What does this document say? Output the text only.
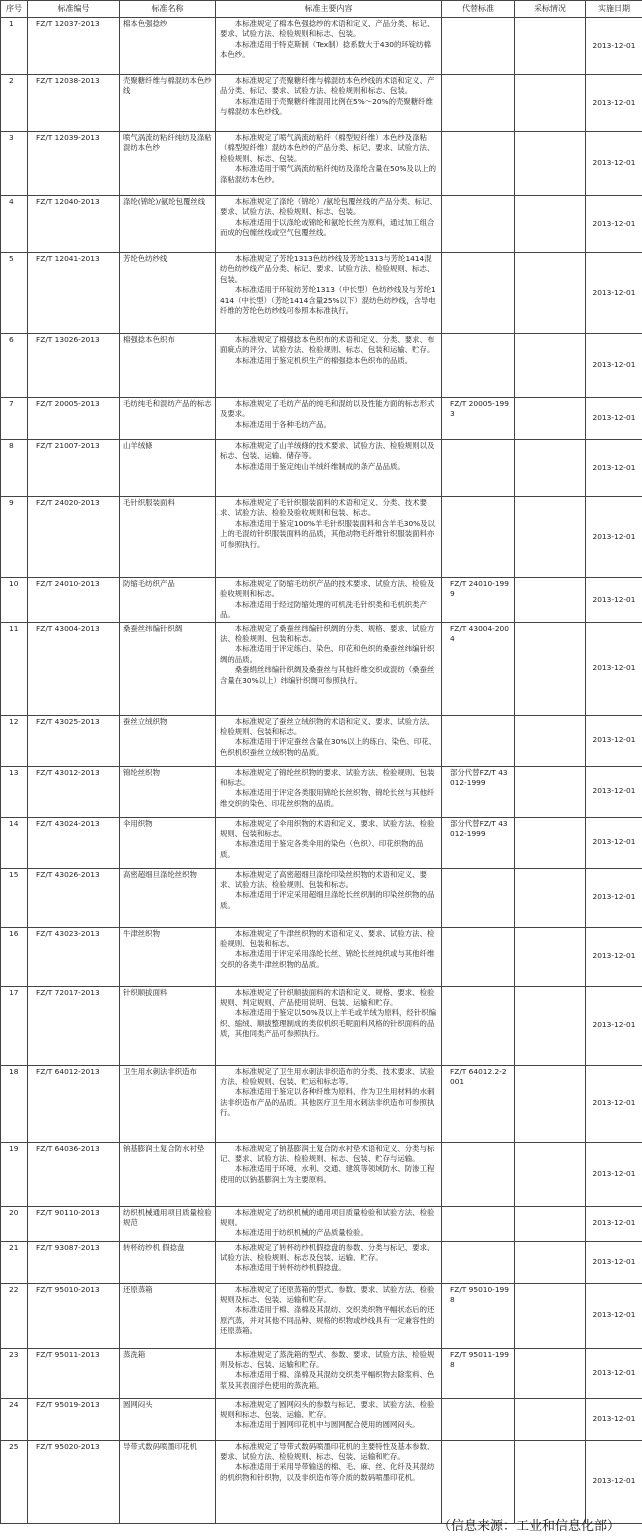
序号	标准编号	标准名称	标准主要内容	代替标准	采标情况	实施日期
1	FZ/T 12037-2013	棉本色强捻纱	本标准规定了棉本色强捻纱的术语和定义、产品分类、标记、要求、试验方法、检验规则和标志、包装。

本标准适用于特克斯制（Tex制）捻系数大于430的环锭纺棉本色纱。			2013-12-01
2	FZ/T 12038-2013	壳聚糖纤维与棉混纺本色纱线	本标准规定了壳聚糖纤维与棉混纺本色纱线的术语和定义、产品分类、标记、要求、试验方法、检验规则和标志、包装。

本标准适用于壳聚糖纤维混用比例在5%～20%的壳聚糖纤维与棉混纺本色纱线。			2013-12-01
3	FZ/T 12039-2013	喷气涡流纺粘纤纯纺及涤粘混纺本色纱	本标准规定了喷气涡流纺粘纤（棉型短纤维）本色纱及涤粘（棉型短纤维）混纺本色纱的产品分类、标记、要求、试验方法、检验规则、标志、包装。

本标准适用于喷气涡流纺粘纤纯纺及涤纶含量在50%及以上的涤粘混纺本色纱。			2013-12-01
4	FZ/T 12040-2013	涤纶(锦纶)/氨纶包覆丝线	本标准规定了涤纶（锦纶）/氨纶包覆丝线的产品分类、标记、要求、试验方法、检验规则、标志、包装。

本标准适用于以涤纶或锦纶和氨纶长丝为原料，通过加工组合而成的包缠丝线或空气包覆丝线。			2013-12-01
5	FZ/T 12041-2013	芳纶色纺纱线	本标准规定了芳纶1313色纺纱线及芳纶1313与芳纶1414混纺色纺纱线产品分类、标记、要求、试验方法、检验规则、标志、包装。

本标准适用于环锭纺芳纶1313（中长型）色纺纱线及与芳纶1414（中长型）（芳纶1414含量25%以下）混纺色纺纱线，含导电纤维的芳纶色纺纱线可参照本标准执行。			2013-12-01
6	FZ/T 13026-2013	棉强捻本色织布	本标准规定了棉强捻本色织布的术语和定义、分类、要求、布面疵点的评分、试验方法、检验规则、标志、包装和运输、贮存。

本标准适用于鉴定机织生产的棉强捻本色织布的品质。			2013-12-01
7	FZ/T 20005-2013	毛纺纯毛和混纺产品的标志	本标准规定了毛纺产品的纯毛和混纺以及性能方面的标志形式及要求。

本标准适用于各种毛纺产品。	FZ/T 20005-1993		2013-12-01
8	FZ/T 21007-2013	山羊绒條	本标准规定了山羊绒條的技术要求、试验方法、检验规则以及标志、包装、运输、储存等。

本标准适用于鉴定纯山羊绒纤维制成的条产品品质。			2013-12-01
9	FZ/T 24020-2013	毛针织服装面料	本标准规定了毛针织服装面料的术语和定义、分类、技术要求、试验方法、检验及验收规则和包装、标志。

本标准适用于鉴定100%羊毛针织服装面料和含羊毛30%及以上的毛混纺针织服装面料的品质，其他动物毛纤维针织服装面料亦可参照执行。			2013-12-01
10	FZ/T 24010-2013	防缩毛纺织产品	本标准规定了防缩毛纺织产品的技术要求、试验方法、检验及验收规则和标志。

本标准适用于经过防缩处理的可机洗毛针织类和毛机织类产品。	FZ/T 24010-1999		2013-12-01
11	FZ/T 43004-2013	桑蚕丝纬编针织绸	本标准规定了桑蚕丝纬编针织绸的分类、规格、要求、试验方法、检验规则、包装和标志。

本标准适用于评定练白、染色、印花和色织的桑蚕丝纬编针织绸的品质。

桑蚕绢丝纬编针织绸及桑蚕丝与其他纤维交织或混纺（桑蚕丝含量在30%以上）纬编针织绸可参照执行。	FZ/T 43004-2004		2013-12-01
12	FZ/T 43025-2013	蚕丝立绒织物	本标准规定了蚕丝立绒织物的术语和定义、要求、试验方法、检验规则、包装和标志。

本标准适用于评定蚕丝含量在30%以上的练白、染色、印花、色织机织蚕丝立绒织物的品质。			2013-12-01
13	FZ/T 43012-2013	锦纶丝织物	本标准规定了锦纶丝织物的要求、试验方法、检验规则、包装和标志。

本标准适用于评定各类服用锦纶长丝织物、锦纶长丝与其他纤维交织的染色、印花丝织物的品质。	部分代替FZ/T 43012-1999		2013-12-01
14	FZ/T 43024-2013	伞用织物	本标准规定了伞用织物的术语和定义、要求、试验方法、检验规则、包装和标志。

本标准适用于鉴定各类伞用的染色（色织）、印花织物的品质。	部分代替FZ/T 43012-1999		2013-12-01
15	FZ/T 43026-2013	高密超细旦涤纶丝织物	本标准规定了高密超细旦涤纶印染丝织物的术语和定义、要求、试验方法、检验规则、包装和标志。

本标准适用于评定采用超细旦涤纶长丝织制的印染丝织物的品质。			2013-12-01
16	FZ/T 43023-2013	牛津丝织物	本标准规定了牛津丝织物的术语和定义、要求、试验方法、检验规则、包装和标志。

本标准适用于评定采用涤纶长丝、锦纶长丝纯织或与其他纤维交织的各类牛津丝织物的品质。			2013-12-01
17	FZ/T 72017-2013	针织顺拔面料	本标准规定了针织顺拔面料的术语和定义、规格、要求、检验规则、判定规则、产品使用说明、包装、运输和贮存。

本标准适用于鉴定以50%及以上羊毛或羊绒为原料，经针织编织、缩绒、顺拔整理制成的类似机织毛呢面料风格的针织面料的品质，其他同类产品可参照执行。			2013-12-01
18	FZ/T 64012-2013	卫生用水刺法非织造布	本标准规定了卫生用水刺法非织造布的分类、技术要求、试验方法、检验规则、包装、贮运和标志等。

本标准适用于鉴定以各种纤维为原料、作为卫生用材料的水刺法非织造布产品的品质。其他医疗卫生用水刺法非织造布可参照执行。	FZ/T 64012.2-2001		2013-12-01
19	FZ/T 64036-2013	钠基膨润土复合防水衬垫	本标准规定了钠基膨润土复合防水衬垫术语和定义、分类与标记、要求、试验方法、检验规则、标志、包装、贮存与运输。

本标准适用于环境、水利、交通、建筑等领域防水、防渗工程使用的以钠基膨润土为主要原料。			2013-12-01
20	FZ/T 90110-2013	纺织机械通用项目质量检验规范	本标准规定了纺织机械的通用项目质量检验和试验方法、检验规则。

本标准适用于纺织机械的产品质量检验。			2013-12-01
21	FZ/T 93087-2013	转杯纺纱机 假捻盘	本标准规定了转杯纺纱机假捻盘的参数、分类与标记、要求、试验方法、检验规则、标志及包装、运输、贮存。

本标准适用于转杯纺纱机假捻盘。			2013-12-01
22	FZ/T 95010-2013	还原蒸箱	本标准规定了还原蒸箱的型式、参数、要求、试验方法、检验规则及标志、包装、运输和贮存。

本标准适用于棉、涤棉及其混纺、交织类织物平幅状态后的还原汽蒸，并对其他不同品种、规格的织物或纱线具有一定兼容性的还原蒸箱。	FZ/T 95010-1998		2013-12-01
23	FZ/T 95011-2013	蒸洗箱	本标准规定了蒸洗箱的型式、参数、要求、试验方法、检验规则及标志、包装、运输和贮存。

本标准适用于棉、涤棉及其混纺交织类平幅织物去除浆料、色浆及其表面浮色使用的蒸洗箱。	FZ/T 95011-1998		2013-12-01
24	FZ/T 95019-2013	圆网闷头	本标准规定了圆网闷头的参数与标记、要求、试验方法、检验规则和标志、包装、运输、贮存。

本标准适用于圆网印花机中与圆网配合使用的圆网闷头。			2013-12-01
25	FZ/T 95020-2013	导带式数码喷墨印花机	本标准规定了导带式数码喷墨印花机的主要特性及基本参数、要求、试验方法、检验规则、标志、包装、运输和贮存。

本标准适用于采用导带输送的棉、毛、麻、丝、化纤及其混纺的机织物和针织物，以及非织造布等介质的数码喷墨印花机。			2013-12-01
（信息来源：工业和信息化部）
